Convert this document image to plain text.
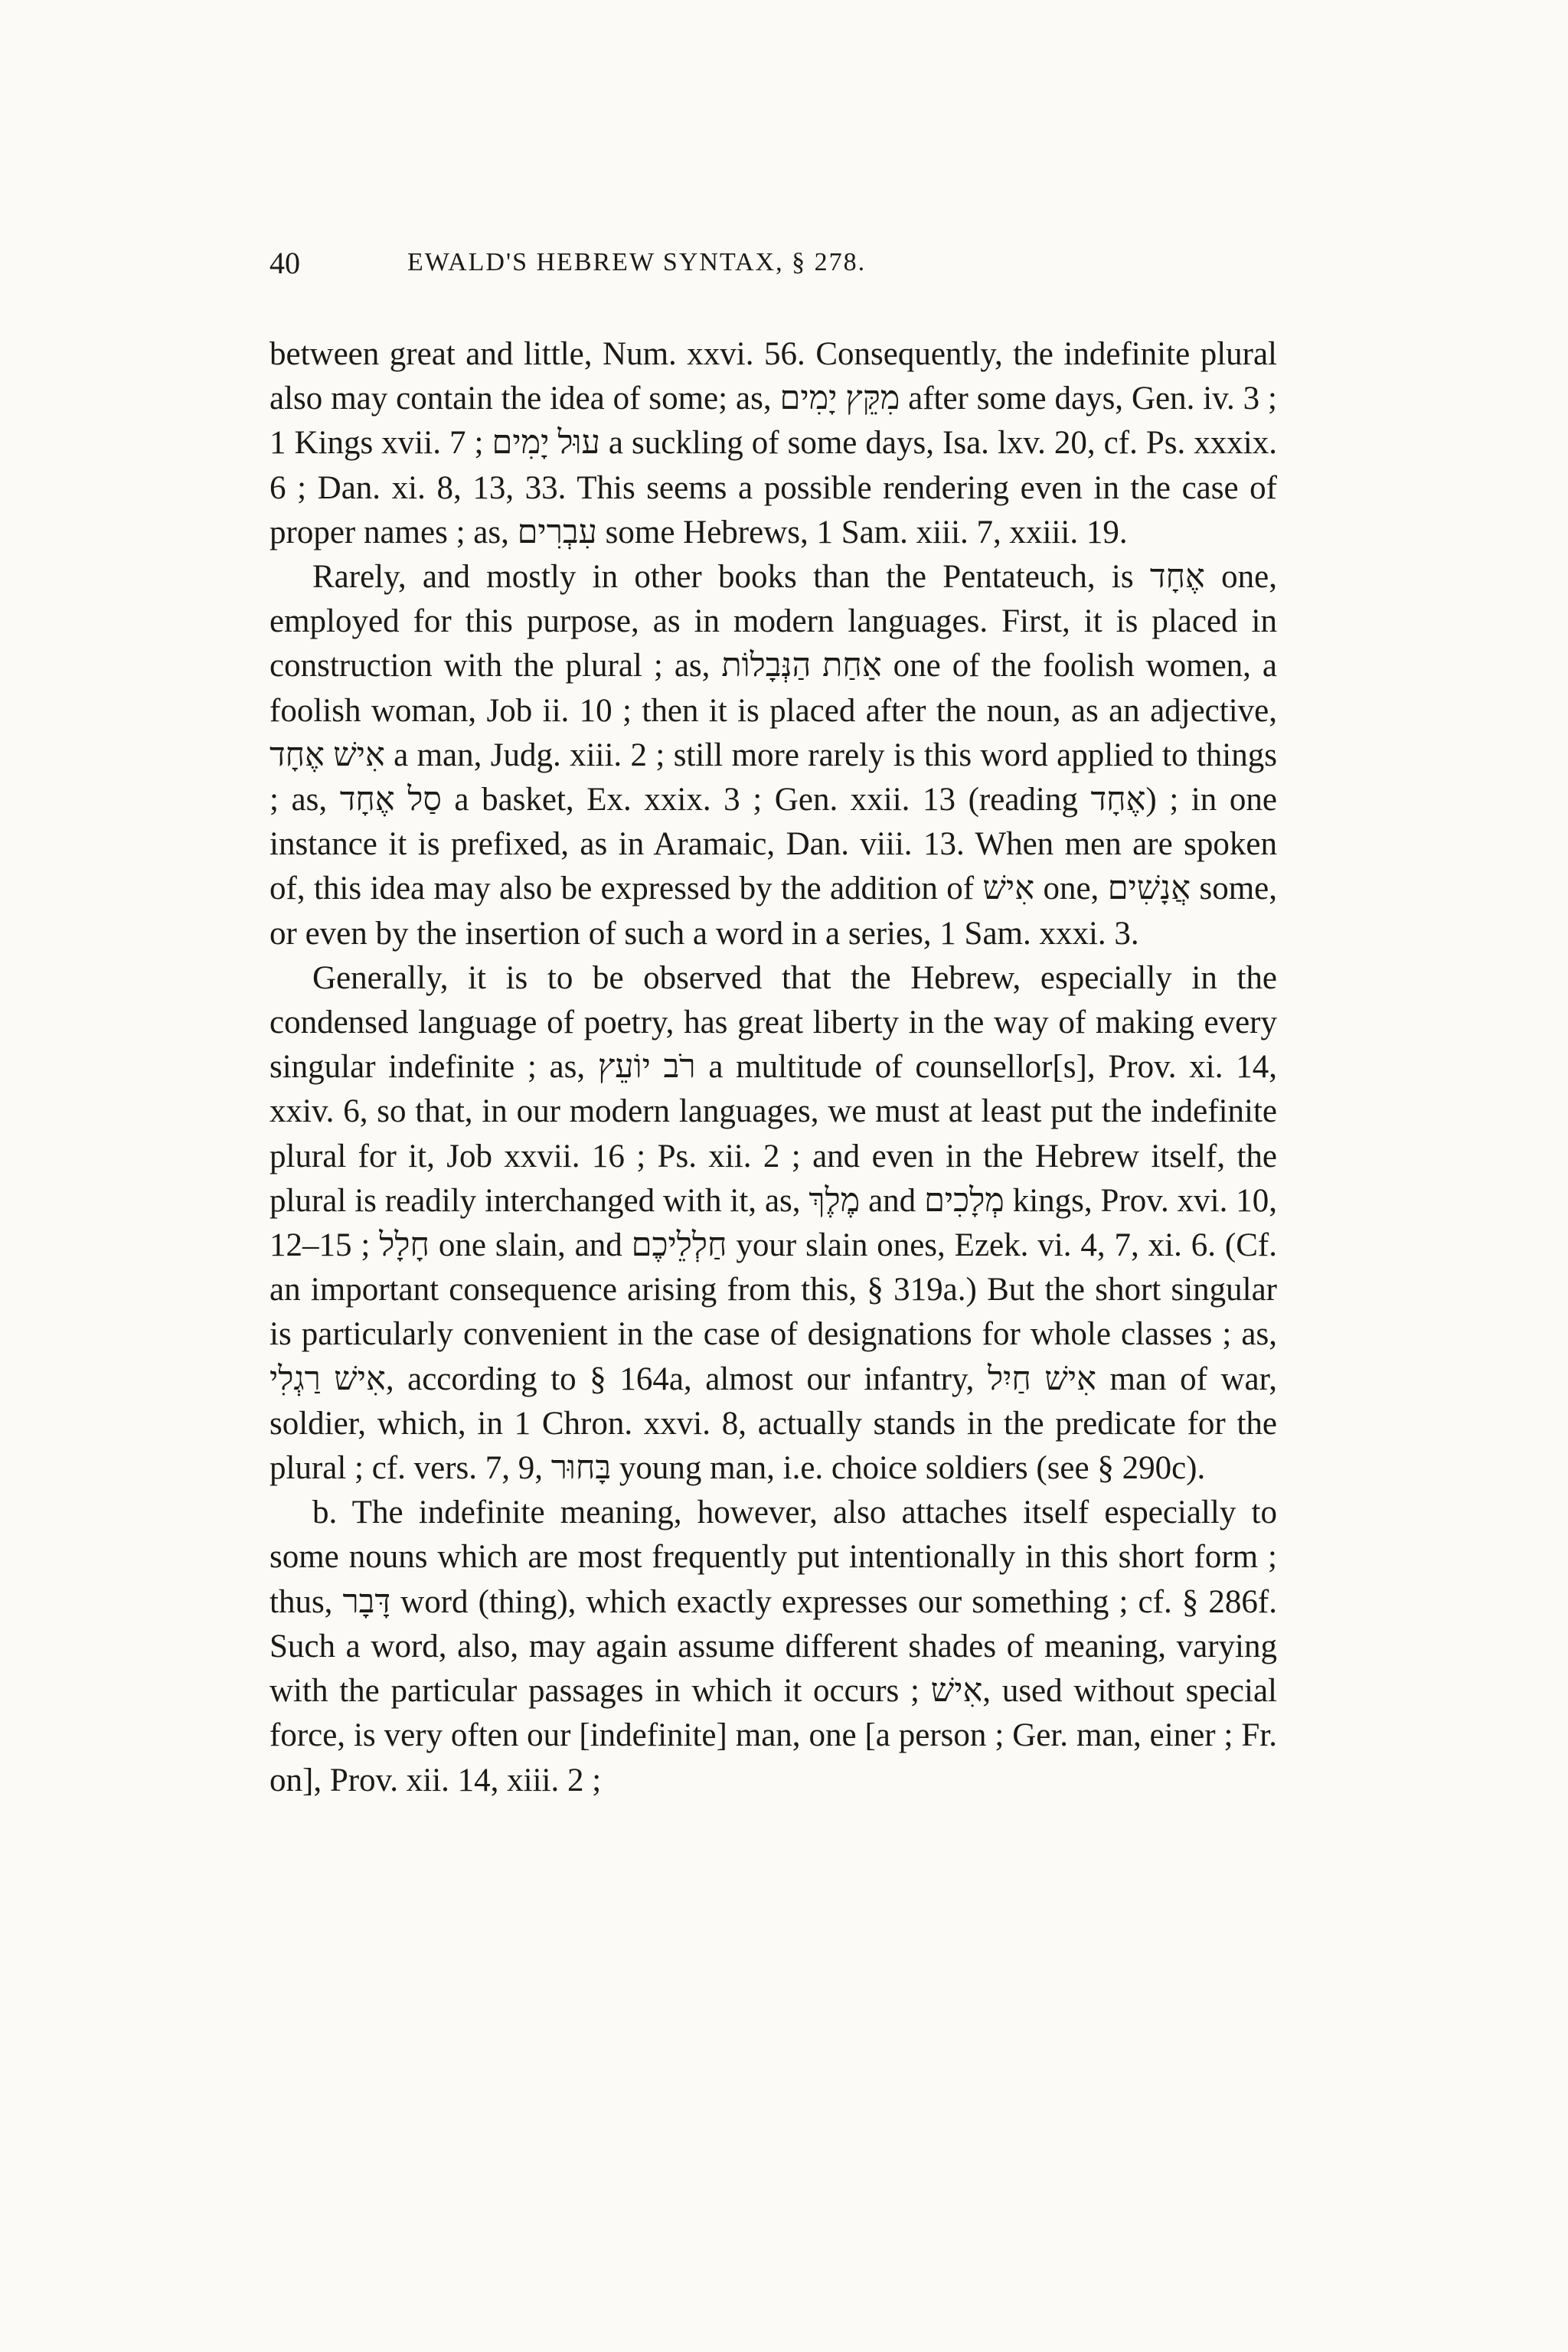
40	EWALD'S HEBREW SYNTAX, § 278.

between great and little, Num. xxvi. 56. Consequently, the indefinite plural also may contain the idea of some; as, מִקֵּץ יָמִים after some days, Gen. iv. 3 ; 1 Kings xvii. 7 ; עוּל יָמִים a suckling of some days, Isa. lxv. 20, cf. Ps. xxxix. 6 ; Dan. xi. 8, 13, 33. This seems a possible rendering even in the case of proper names ; as, עִבְרִים some Hebrews, 1 Sam. xiii. 7, xxiii. 19.

Rarely, and mostly in other books than the Pentateuch, is אֶחָד one, employed for this purpose, as in modern languages. First, it is placed in construction with the plural ; as, אַחַת הַנְּבָלוֹת one of the foolish women, a foolish woman, Job ii. 10 ; then it is placed after the noun, as an adjective, אִישׁ אֶחָד a man, Judg. xiii. 2 ; still more rarely is this word applied to things ; as, סַל אֶחָד a basket, Ex. xxix. 3 ; Gen. xxii. 13 (reading אֶחָד) ; in one instance it is prefixed, as in Aramaic, Dan. viii. 13. When men are spoken of, this idea may also be expressed by the addition of אִישׁ one, אֲנָשִׁים some, or even by the insertion of such a word in a series, 1 Sam. xxxi. 3.

Generally, it is to be observed that the Hebrew, especially in the condensed language of poetry, has great liberty in the way of making every singular indefinite ; as, רֹב יוֹעֵץ a multitude of counsellor[s], Prov. xi. 14, xxiv. 6, so that, in our modern languages, we must at least put the indefinite plural for it, Job xxvii. 16 ; Ps. xii. 2 ; and even in the Hebrew itself, the plural is readily interchanged with it, as, מֶלֶךְ and מְלָכִים kings, Prov. xvi. 10, 12–15 ; חָלָל one slain, and חַלְלֵיכֶם your slain ones, Ezek. vi. 4, 7, xi. 6. (Cf. an important consequence arising from this, § 319a.) But the short singular is particularly convenient in the case of designations for whole classes ; as, אִישׁ רַגְלִי, according to § 164a, almost our infantry, אִישׁ חַיִל man of war, soldier, which, in 1 Chron. xxvi. 8, actually stands in the predicate for the plural ; cf. vers. 7, 9, בָּחוּר young man, i.e. choice soldiers (see § 290c).

b. The indefinite meaning, however, also attaches itself especially to some nouns which are most frequently put intentionally in this short form ; thus, דָּבָר word (thing), which exactly expresses our something ; cf. § 286f. Such a word, also, may again assume different shades of meaning, varying with the particular passages in which it occurs ; אִישׁ, used without special force, is very often our [indefinite] man, one [a person ; Ger. man, einer ; Fr. on], Prov. xii. 14, xiii. 2 ;
